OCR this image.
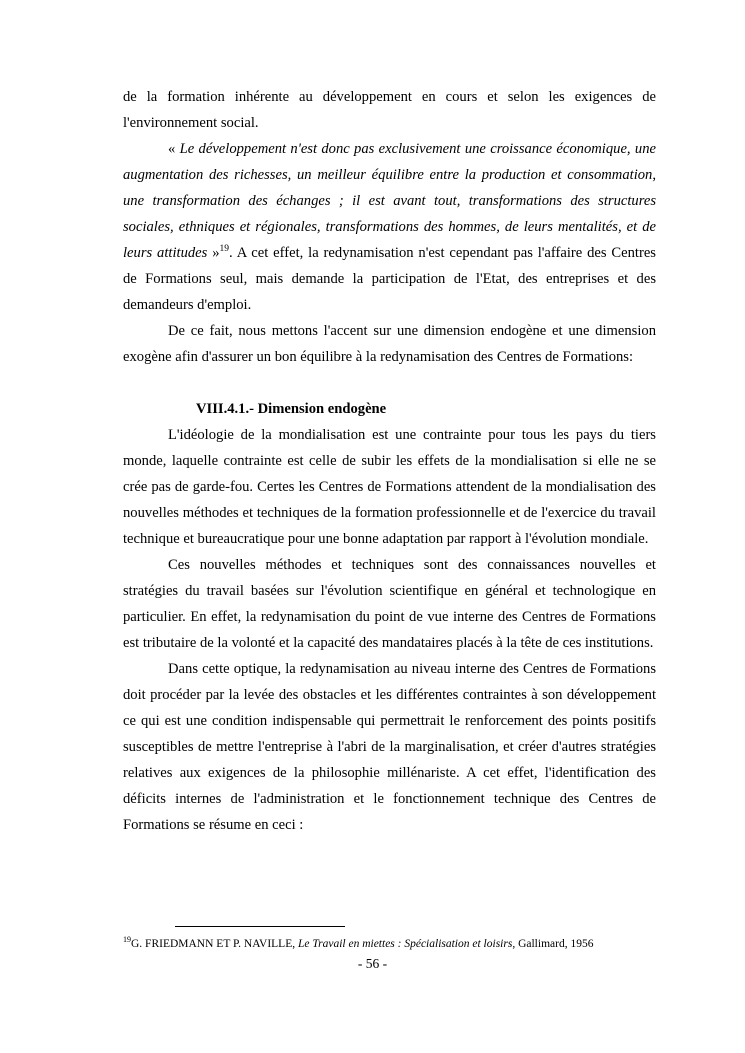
de la formation inhérente au développement en cours et selon les exigences de l'environnement social.

« Le développement n'est donc pas exclusivement une croissance économique, une augmentation des richesses, un meilleur équilibre entre la production et consommation, une transformation des échanges ; il est avant tout, transformations des structures sociales, ethniques et régionales, transformations des hommes, de leurs mentalités, et de leurs attitudes »$^{19}$. A cet effet, la redynamisation n'est cependant pas l'affaire des Centres de Formations seul, mais demande la participation de l'Etat, des entreprises et des demandeurs d'emploi.

De ce fait, nous mettons l'accent sur une dimension endogène et une dimension exogène afin d'assurer un bon équilibre à la redynamisation des Centres de Formations:

VIII.4.1.- Dimension endogène

L'idéologie de la mondialisation est une contrainte pour tous les pays du tiers monde, laquelle contrainte est celle de subir les effets de la mondialisation si elle ne se crée pas de garde-fou. Certes les Centres de Formations attendent de la mondialisation des nouvelles méthodes et techniques de la formation professionnelle et de l'exercice du travail technique et bureaucratique pour une bonne adaptation par rapport à l'évolution mondiale.

Ces nouvelles méthodes et techniques sont des connaissances nouvelles et stratégies du travail basées sur l'évolution scientifique en général et technologique en particulier. En effet, la redynamisation du point de vue interne des Centres de Formations est tributaire de la volonté et la capacité des mandataires placés à la tête de ces institutions.

Dans cette optique, la redynamisation au niveau interne des Centres de Formations doit procéder par la levée des obstacles et les différentes contraintes à son développement ce qui est une condition indispensable qui permettrait le renforcement des points positifs susceptibles de mettre l'entreprise à l'abri de la marginalisation, et créer d'autres stratégies relatives aux exigences de la philosophie millénariste. A cet effet, l'identification des déficits internes de l'administration et le fonctionnement technique des Centres de Formations se résume en ceci :

$^{19}$G. FRIEDMANN ET P. NAVILLE, Le Travail en miettes : Spécialisation et loisirs, Gallimard, 1956
- 56 -
